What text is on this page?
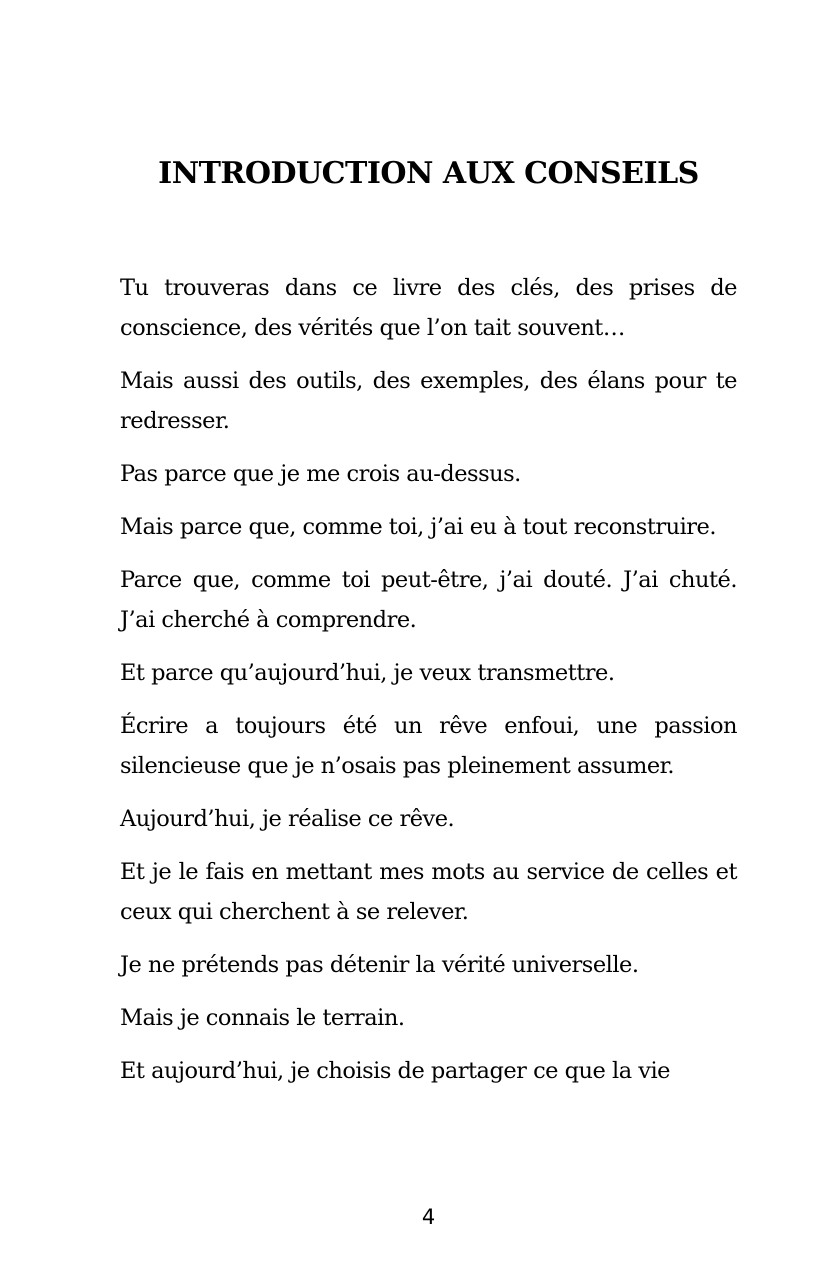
INTRODUCTION AUX CONSEILS

Tu trouveras dans ce livre des clés, des prises de conscience, des vérités que l’on tait souvent…

Mais aussi des outils, des exemples, des élans pour te redresser.

Pas parce que je me crois au-dessus.

Mais parce que, comme toi, j’ai eu à tout reconstruire.

Parce que, comme toi peut-être, j’ai douté. J’ai chuté. J’ai cherché à comprendre.

Et parce qu’aujourd’hui, je veux transmettre.

Écrire a toujours été un rêve enfoui, une passion silencieuse que je n’osais pas pleinement assumer.

Aujourd’hui, je réalise ce rêve.

Et je le fais en mettant mes mots au service de celles et ceux qui cherchent à se relever.

Je ne prétends pas détenir la vérité universelle.

Mais je connais le terrain.

Et aujourd’hui, je choisis de partager ce que la vie

4
